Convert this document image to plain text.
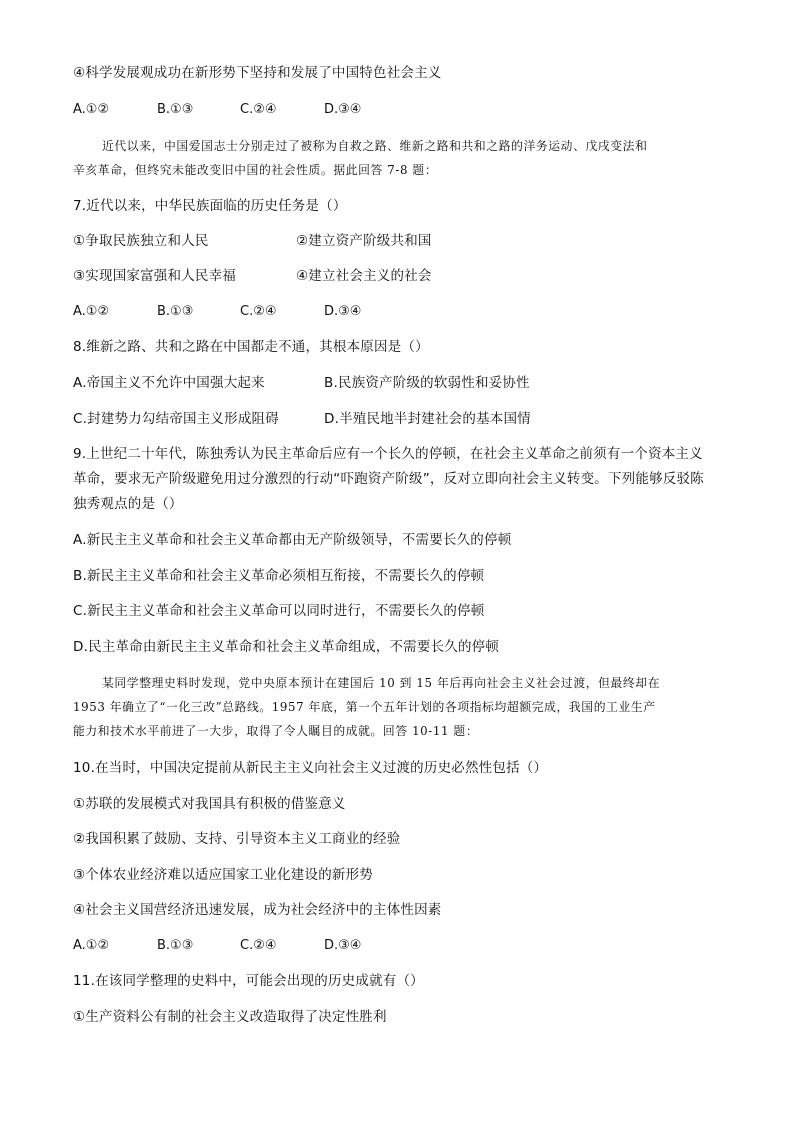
④科学发展观成功在新形势下坚持和发展了中国特色社会主义
A.①②	B.①③	C.②④	D.③④
近代以来，中国爱国志士分别走过了被称为自救之路、维新之路和共和之路的洋务运动、戊戌变法和
辛亥革命，但终究未能改变旧中国的社会性质。据此回答 7-8 题：
7.近代以来，中华民族面临的历史任务是（）
①争取民族独立和人民	②建立资产阶级共和国
③实现国家富强和人民幸福	④建立社会主义的社会
A.①②	B.①③	C.②④	D.③④
8.维新之路、共和之路在中国都走不通，其根本原因是（）
A.帝国主义不允许中国强大起来	B.民族资产阶级的软弱性和妥协性
C.封建势力勾结帝国主义形成阻碍	D.半殖民地半封建社会的基本国情
9.上世纪二十年代，陈独秀认为民主革命后应有一个长久的停顿，在社会主义革命之前须有一个资本主义
革命，要求无产阶级避免用过分激烈的行动“吓跑资产阶级”，反对立即向社会主义转变。下列能够反驳陈
独秀观点的是（）
A.新民主主义革命和社会主义革命都由无产阶级领导，不需要长久的停顿
B.新民主主义革命和社会主义革命必须相互衔接，不需要长久的停顿
C.新民主主义革命和社会主义革命可以同时进行，不需要长久的停顿
D.民主革命由新民主主义革命和社会主义革命组成，不需要长久的停顿
某同学整理史料时发现，党中央原本预计在建国后 10 到 15 年后再向社会主义社会过渡，但最终却在
1953 年确立了“一化三改”总路线。1957 年底，第一个五年计划的各项指标均超额完成，我国的工业生产
能力和技术水平前进了一大步，取得了令人瞩目的成就。回答 10-11 题：
10.在当时，中国决定提前从新民主主义向社会主义过渡的历史必然性包括（）
①苏联的发展模式对我国具有积极的借鉴意义
②我国积累了鼓励、支持、引导资本主义工商业的经验
③个体农业经济难以适应国家工业化建设的新形势
④社会主义国营经济迅速发展，成为社会经济中的主体性因素
A.①②	B.①③	C.②④	D.③④
11.在该同学整理的史料中，可能会出现的历史成就有（）
①生产资料公有制的社会主义改造取得了决定性胜利
